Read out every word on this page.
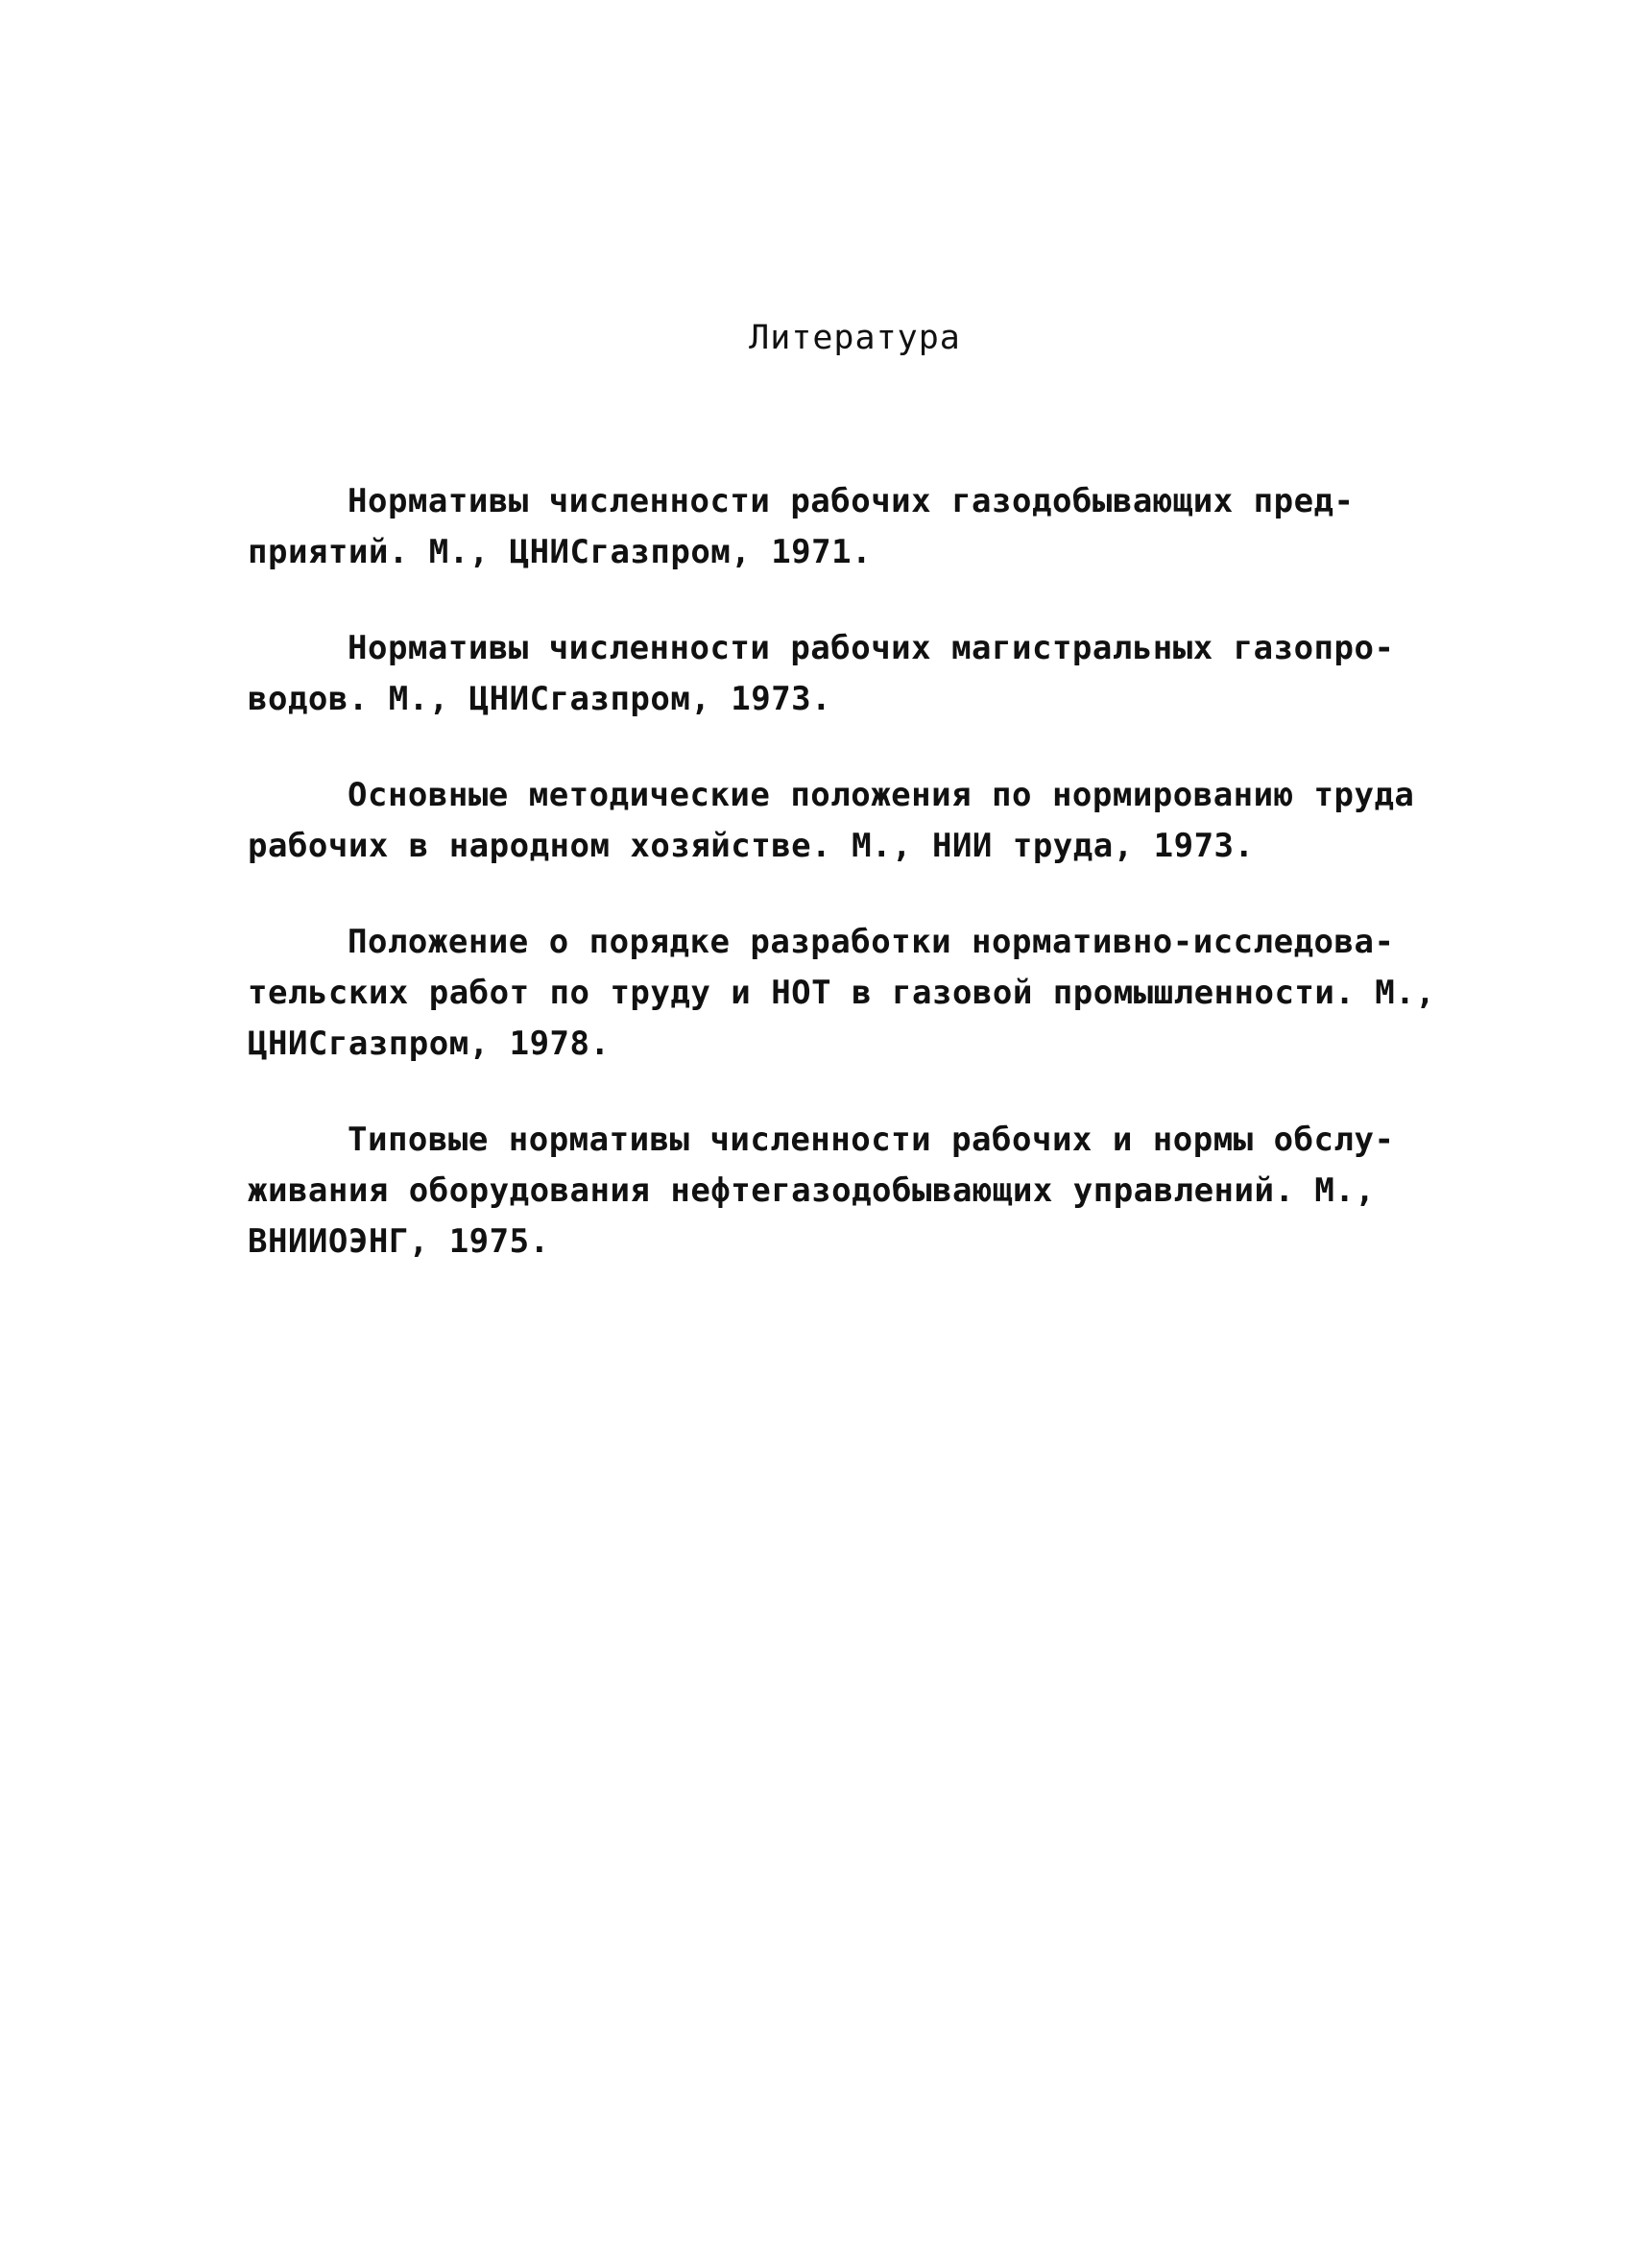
Литература
Нормативы численности рабочих газодобывающих пред-
приятий. М., ЦНИСгазпром, 1971.
Нормативы численности рабочих магистральных газопро-
водов. М., ЦНИСгазпром, 1973.
Основные методические положения по нормированию труда
рабочих в народном хозяйстве. М., НИИ труда, 1973.
Положение о порядке разработки нормативно-исследова-
тельских работ по труду и НОТ в газовой промышленности. М.,
ЦНИСгазпром, 1978.
Типовые нормативы численности рабочих и нормы обслу-
живания оборудования нефтегазодобывающих управлений. М.,
ВНИИОЭНГ, 1975.
